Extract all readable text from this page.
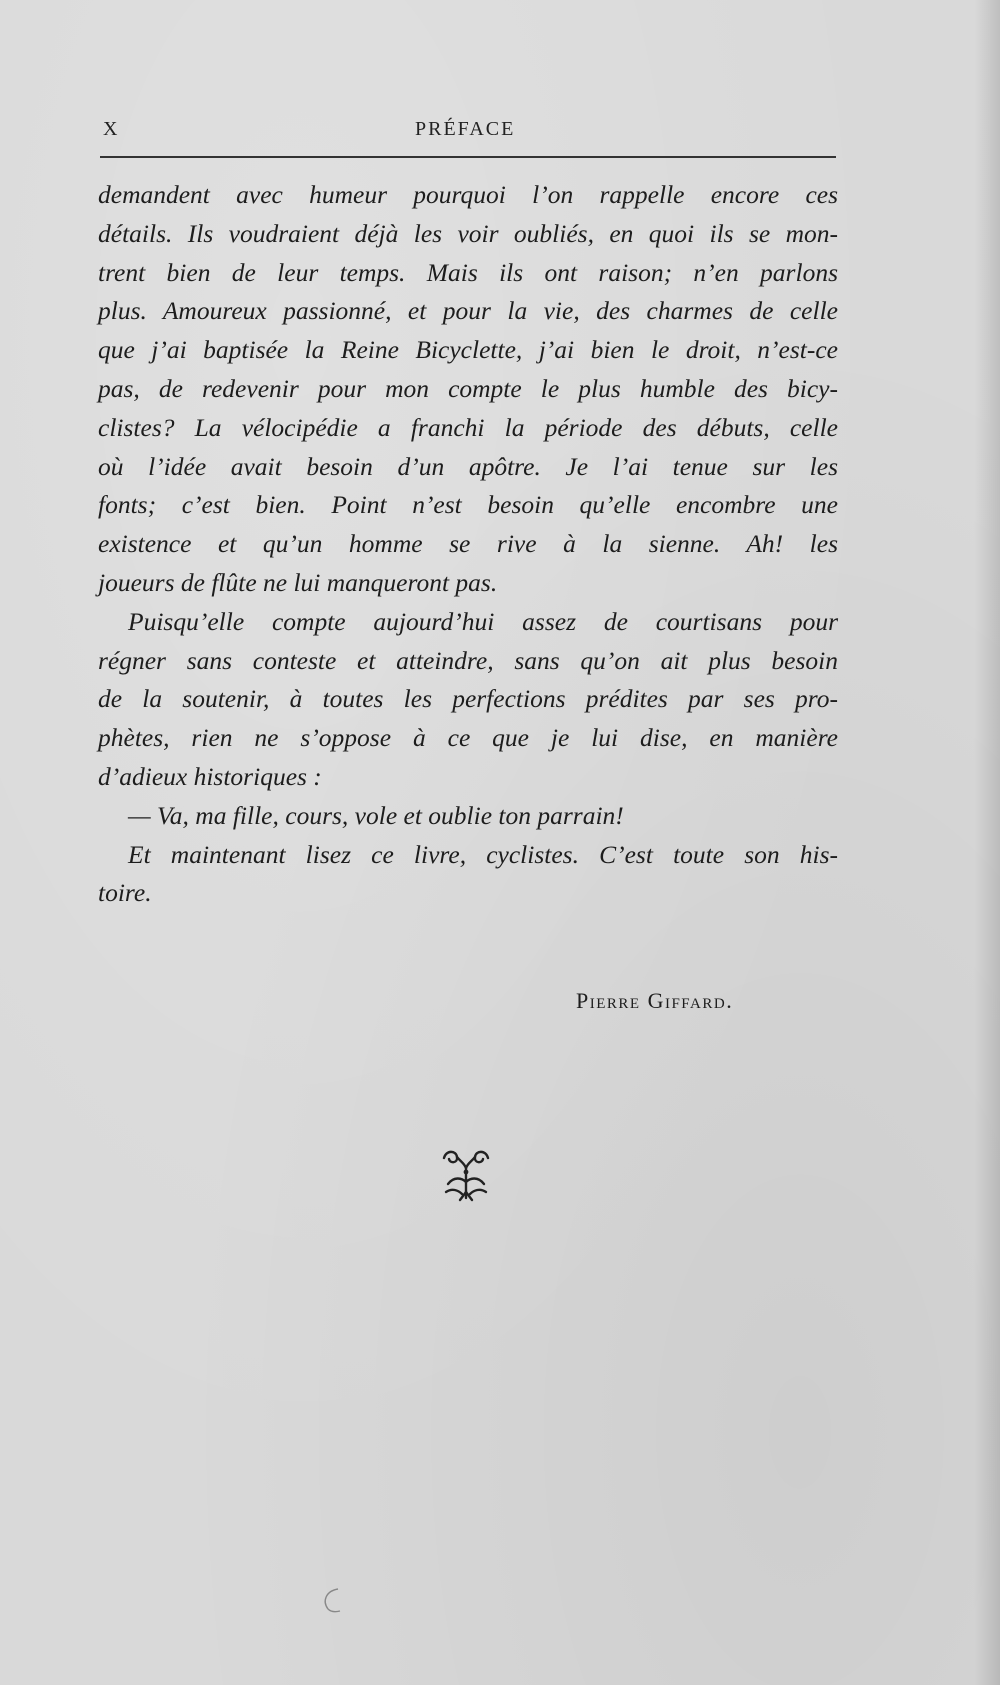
X	PRÉFACE
demandent avec humeur pourquoi l’on rappelle encore ces
détails. Ils voudraient déjà les voir oubliés, en quoi ils se mon-
trent bien de leur temps. Mais ils ont raison; n’en parlons
plus. Amoureux passionné, et pour la vie, des charmes de celle
que j’ai baptisée la Reine Bicyclette, j’ai bien le droit, n’est-ce
pas, de redevenir pour mon compte le plus humble des bicy-
clistes? La vélocipédie a franchi la période des débuts, celle
où l’idée avait besoin d’un apôtre. Je l’ai tenue sur les
fonts; c’est bien. Point n’est besoin qu’elle encombre une
existence et qu’un homme se rive à la sienne. Ah! les
joueurs de flûte ne lui manqueront pas.
Puisqu’elle compte aujourd’hui assez de courtisans pour
régner sans conteste et atteindre, sans qu’on ait plus besoin
de la soutenir, à toutes les perfections prédites par ses pro-
phètes, rien ne s’oppose à ce que je lui dise, en manière
d’adieux historiques :
— Va, ma fille, cours, vole et oublie ton parrain!
Et maintenant lisez ce livre, cyclistes. C’est toute son his-
toire.
Pierre Giffard.
